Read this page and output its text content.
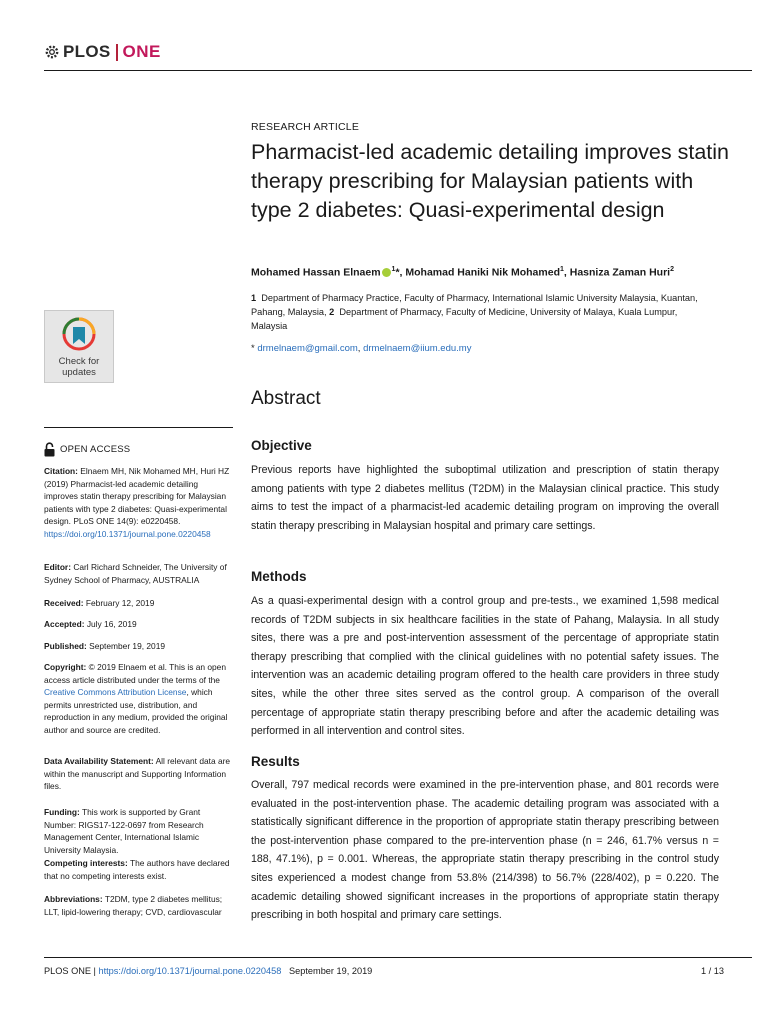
PLOS ONE
RESEARCH ARTICLE
Pharmacist-led academic detailing improves statin therapy prescribing for Malaysian patients with type 2 diabetes: Quasi-experimental design
Mohamed Hassan Elnaem $^1$*, Mohamad Haniki Nik Mohamed$^1$, Hasniza Zaman Huri$^2$
1 Department of Pharmacy Practice, Faculty of Pharmacy, International Islamic University Malaysia, Kuantan, Pahang, Malaysia, 2 Department of Pharmacy, Faculty of Medicine, University of Malaya, Kuala Lumpur, Malaysia
* drmelnaem@gmail.com, drmelnaem@iium.edu.my
Abstract
Objective

Previous reports have highlighted the suboptimal utilization and prescription of statin therapy among patients with type 2 diabetes mellitus (T2DM) in the Malaysian clinical practice. This study aims to test the impact of a pharmacist-led academic detailing program on improving the overall statin therapy prescribing in Malaysian hospital and primary care settings.

Methods

As a quasi-experimental design with a control group and pre-tests., we examined 1,598 medical records of T2DM subjects in six healthcare facilities in the state of Pahang, Malaysia. In all study sites, there was a pre and post-intervention assessment of the percentage of appropriate statin therapy prescribing that complied with the clinical guidelines with no potential safety issues. The intervention was an academic detailing program offered to the health care providers in three study sites, while the other three sites served as the control group. A comparison of the overall percentage of appropriate statin therapy prescribing before and after the academic detailing was performed in all intervention and control sites.

Results

Overall, 797 medical records were examined in the pre-intervention phase, and 801 records were evaluated in the post-intervention phase. The academic detailing program was associated with a statistically significant difference in the proportion of appropriate statin therapy prescribing between the post-intervention phase compared to the pre-intervention phase (n = 246, 61.7% versus n = 188, 47.1%), p = 0.001. Whereas, the appropriate statin therapy prescribing in the control study sites experienced a modest change from 53.8% (214/398) to 56.7% (228/402), p = 0.220. The academic detailing showed significant increases in the proportions of appropriate statin therapy prescribing in both hospital and primary care settings.

Check for
updates
OPEN ACCESS

Citation: Elnaem MH, Nik Mohamed MH, Huri HZ (2019) Pharmacist-led academic detailing improves statin therapy prescribing for Malaysian patients with type 2 diabetes: Quasi-experimental design. PLoS ONE 14(9): e0220458. https://doi.org/10.1371/journal.pone.0220458

Editor: Carl Richard Schneider, The University of Sydney School of Pharmacy, AUSTRALIA

Received: February 12, 2019

Accepted: July 16, 2019

Published: September 19, 2019

Copyright: © 2019 Elnaem et al. This is an open access article distributed under the terms of the Creative Commons Attribution License, which permits unrestricted use, distribution, and reproduction in any medium, provided the original author and source are credited.

Data Availability Statement: All relevant data are within the manuscript and Supporting Information files.

Funding: This work is supported by Grant Number: RIGS17-122-0697 from Research Management Center, International Islamic University Malaysia.

Competing interests: The authors have declared that no competing interests exist.

Abbreviations: T2DM, type 2 diabetes mellitus; LLT, lipid-lowering therapy; CVD, cardiovascular

PLOS ONE | https://doi.org/10.1371/journal.pone.0220458 September 19, 2019	1 / 13
